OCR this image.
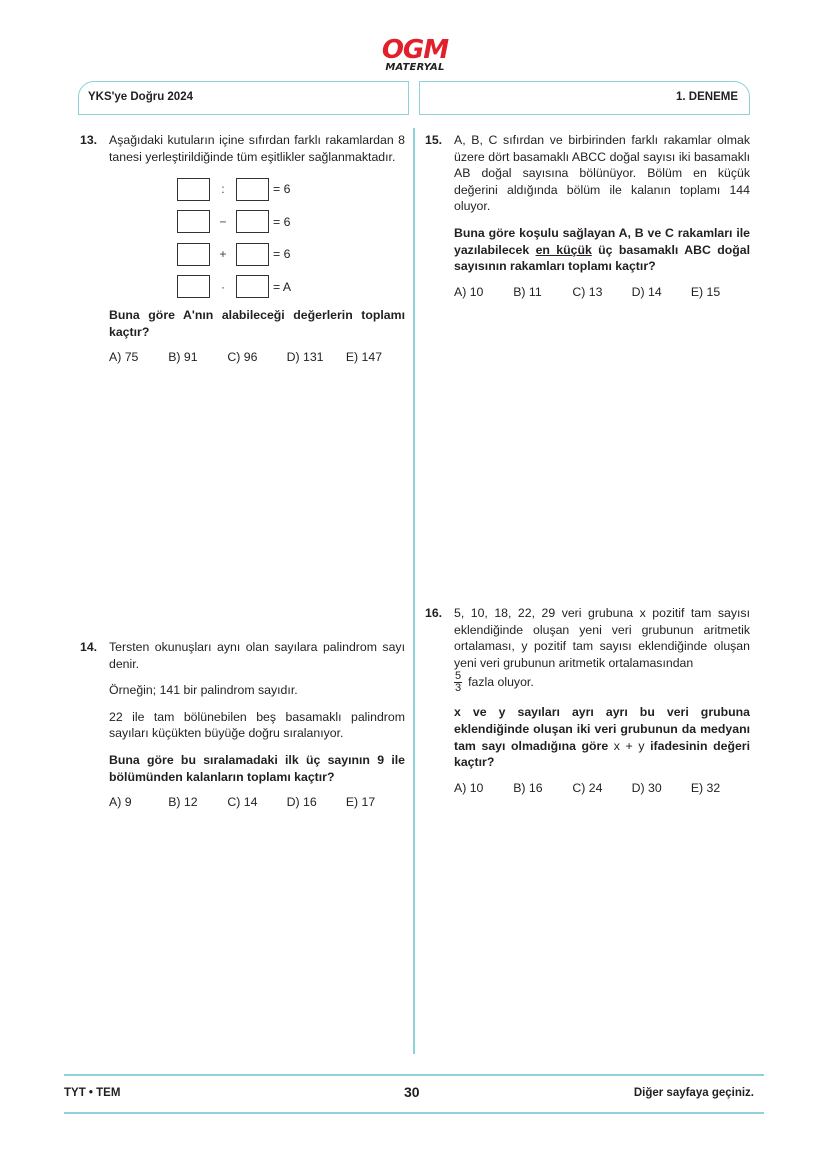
OGM
MATERYAL
YKS'ye Doğru 2024	1. DENEME
13. Aşağıdaki kutuların içine sıfırdan farklı rakamlardan 8 tanesi yerleştirildiğinde tüm eşitlikler sağlanmaktadır.

:	= 6
−	= 6
+	= 6
·	= A

Buna göre A'nın alabileceği değerlerin toplamı kaçtır?

A) 75	B) 91	C) 96	D) 131	E) 147
14. Tersten okunuşları aynı olan sayılara palindrom sayı denir.

Örneğin; 141 bir palindrom sayıdır.

22 ile tam bölünebilen beş basamaklı palindrom sayıları küçükten büyüğe doğru sıralanıyor.

Buna göre bu sıralamadaki ilk üç sayının 9 ile bölümünden kalanların toplamı kaçtır?

A) 9	B) 12	C) 14	D) 16	E) 17
15. A, B, C sıfırdan ve birbirinden farklı rakamlar olmak üzere dört basamaklı ABCC doğal sayısı iki basamaklı AB doğal sayısına bölünüyor. Bölüm en küçük değerini aldığında bölüm ile kalanın toplamı 144 oluyor.

Buna göre koşulu sağlayan A, B ve C rakamları ile yazılabilecek en küçük üç basamaklı ABC doğal sayısının rakamları toplamı kaçtır?

A) 10	B) 11	C) 13	D) 14	E) 15
16. 5, 10, 18, 22, 29 veri grubuna x pozitif tam sayısı eklendiğinde oluşan yeni veri grubunun aritmetik ortalaması, y pozitif tam sayısı eklendiğinde oluşan yeni veri grubunun aritmetik ortalamasından

$\frac{5}{3}$ fazla oluyor.

x ve y sayıları ayrı ayrı bu veri grubuna eklendiğinde oluşan iki veri grubunun da medyanı tam sayı olmadığına göre x + y ifadesinin değeri kaçtır?

A) 10	B) 16	C) 24	D) 30	E) 32
TYT • TEM	30	Diğer sayfaya geçiniz.
